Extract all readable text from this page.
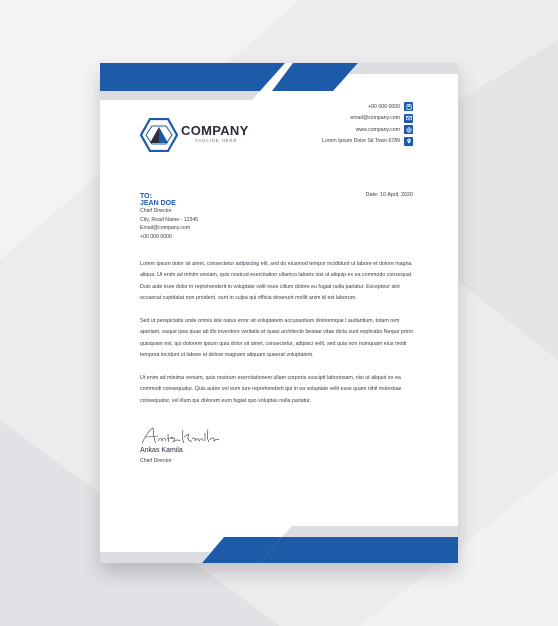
COMPANY
TAGLINE HERE
+00 000 0000
email@company.com
www.company.com
Lorem Ipsum Dolor Sit Town 6789
Date: 10 April, 2020
TO:
JEAN DOE
Chief Director
City, Road Name - 12345
Email@company.com
+00 000 0000

Lorem ipsum dolor sit amet, consectetur adipiscing elit, sed do eiusmod tempor incididunt ut labore et dolore magna aliqua. Ut enim ad minim veniam, quis nostrud exercitation ullamco laboris nisi ut aliquip ex ea commodo consequat. Duis aute irure dolor in reprehenderit in voluptate velit esse cillum dolore eu fugiat nulla pariatur. Excepteur sint occaecat cupidatat non proident, sunt in culpa qui officia deserunt mollit anim id est laborum.

Sed ut perspiciatis unde omnis iste natus error sit voluptatem accusantium doloremque l audantium, totam rem aperiam, eaque ipsa quae ab illo inventore veritatis et quasi architecto beatae vitae dicta sunt explicabo Neque porro quisquam est, qui dolorem ipsum quia dolor sit amet, consectetur, adipisci velit, sed quia non numquam eius modi tempora incidunt ut labore et dolore magnam aliquam quaerat voluptatem.

Ut enim ad minima veniam, quis nostrum exercitationem ullam corporis suscipit laboriosam, nisi ut aliquid ex ea commodi consequatur. Quis auten vel eum iure reprehenderit qui in ea voluptate velit esse quam nihil molestiae consequatur, vel illum qui dolorem eum fugiat quo voluptas nulla pariatur.

Ankas Kamila
Chief Director
